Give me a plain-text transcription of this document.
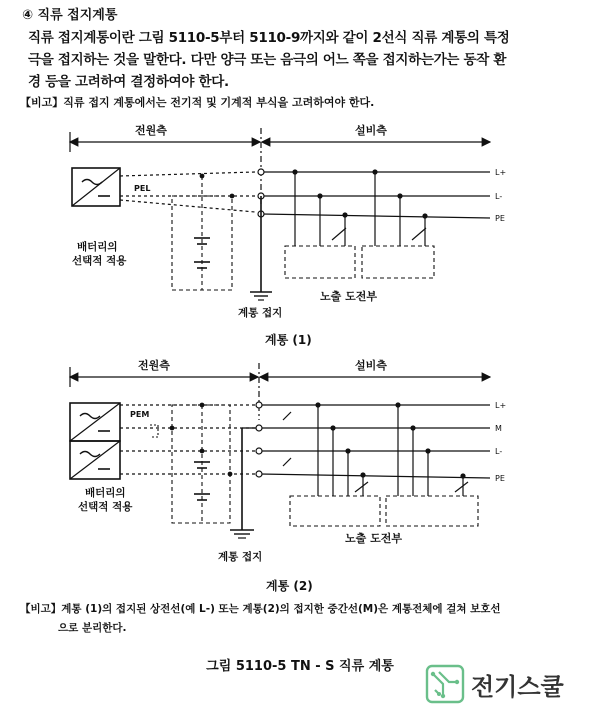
④ 직류 접지계통
직류 접지계통이란 그림 5110-5부터 5110-9까지와 같이 2선식 직류 계통의 특정
극을 접지하는 것을 말한다. 다만 양극 또는 음극의 어느 쪽을 접지하는가는 동작 환
경 등을 고려하여 결정하여야 한다.
【비고】직류 접지 계통에서는 전기적 및 기계적 부식을 고려하여야 한다.
전원측	설비측
PEL
배터리의
선택적 적용
L+
L-
PE
노출 도전부
계통 접지
계통 (1)
전원측	설비측
PEM
배터리의
선택적 적용
L+
M
L-
PE
노출 도전부
계통 접지
계통 (2)
【비고】계통 (1)의 접지된 상전선(예 L-) 또는 계통(2)의 접지한 중간선(M)은 계통전체에 걸쳐 보호선
으로 분리한다.
그림 5110-5 TN - S 직류 계통
전기스쿨
